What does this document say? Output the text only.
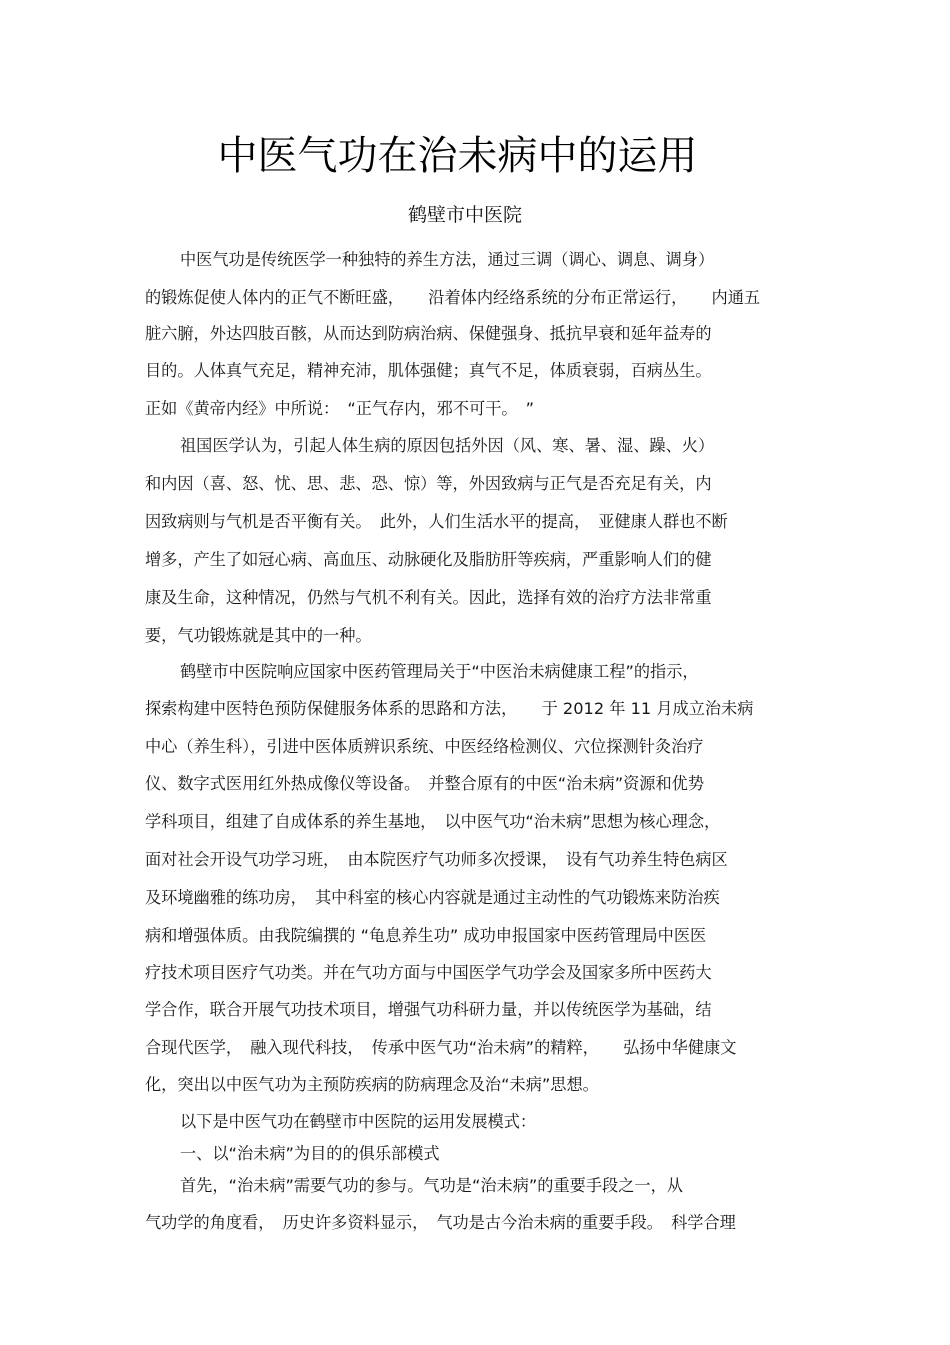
中医气功在治未病中的运用
鹤壁市中医院
中医气功是传统医学一种独特的养生方法，通过三调（调心、调息、调身）
的锻炼促使人体内的正气不断旺盛，　　沿着体内经络系统的分布正常运行，　　内通五
脏六腑，外达四肢百骸，从而达到防病治病、保健强身、抵抗早衰和延年益寿的
目的。人体真气充足，精神充沛，肌体强健；真气不足，体质衰弱，百病丛生。
正如《黄帝内经》中所说：　“正气存内，邪不可干。　”
祖国医学认为，引起人体生病的原因包括外因（风、寒、暑、湿、躁、火）
和内因（喜、怒、忧、思、悲、恐、惊）等，外因致病与正气是否充足有关，内
因致病则与气机是否平衡有关。　此外，人们生活水平的提高，　亚健康人群也不断
增多，产生了如冠心病、高血压、动脉硬化及脂肪肝等疾病，严重影响人们的健
康及生命，这种情况，仍然与气机不利有关。因此，选择有效的治疗方法非常重
要，气功锻炼就是其中的一种。
鹤壁市中医院响应国家中医药管理局关于“中医治未病健康工程”的指示，
探索构建中医特色预防保健服务体系的思路和方法，　　于 2012 年 11 月成立治未病
中心（养生科），引进中医体质辨识系统、中医经络检测仪、穴位探测针灸治疗
仪、数字式医用红外热成像仪等设备。　并整合原有的中医“治未病”资源和优势
学科项目，组建了自成体系的养生基地，　以中医气功“治未病”思想为核心理念，
面对社会开设气功学习班，　由本院医疗气功师多次授课，　设有气功养生特色病区
及环境幽雅的练功房，　其中科室的核心内容就是通过主动性的气功锻炼来防治疾
病和增强体质。由我院编撰的 “龟息养生功” 成功申报国家中医药管理局中医医
疗技术项目医疗气功类。并在气功方面与中国医学气功学会及国家多所中医药大
学合作，联合开展气功技术项目，增强气功科研力量，并以传统医学为基础，结
合现代医学，　融入现代科技，　传承中医气功“治未病”的精粹，　　弘扬中华健康文
化，突出以中医气功为主预防疾病的防病理念及治“未病”思想。
以下是中医气功在鹤壁市中医院的运用发展模式：
一、以“治未病”为目的的俱乐部模式
首先，“治未病”需要气功的参与。气功是“治未病”的重要手段之一，从
气功学的角度看，　历史许多资料显示，　气功是古今治未病的重要手段。　科学合理
